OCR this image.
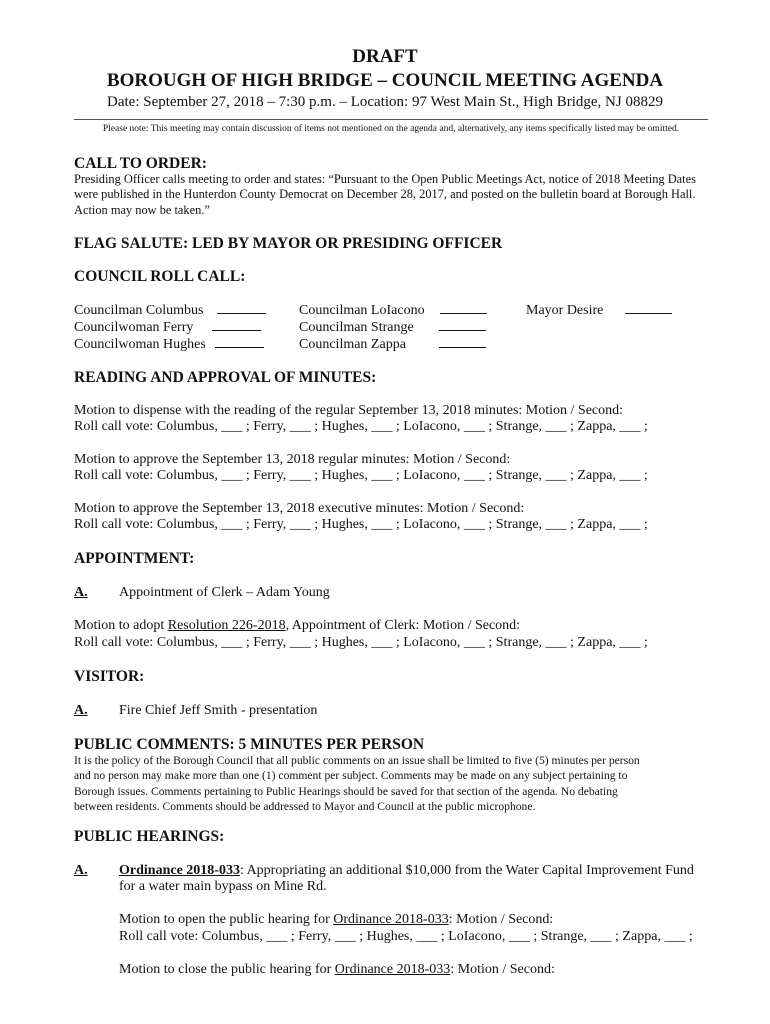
DRAFT
BOROUGH OF HIGH BRIDGE – COUNCIL MEETING AGENDA
Date: September 27, 2018 – 7:30 p.m. – Location: 97 West Main St., High Bridge, NJ 08829
Please note: This meeting may contain discussion of items not mentioned on the agenda and, alternatively, any items specifically listed may be omitted.
CALL TO ORDER:
Presiding Officer calls meeting to order and states: “Pursuant to the Open Public Meetings Act, notice of 2018 Meeting Dates
were published in the Hunterdon County Democrat on December 28, 2017, and posted on the bulletin board at Borough Hall.
Action may now be taken.”
FLAG SALUTE: LED BY MAYOR OR PRESIDING OFFICER
COUNCIL ROLL CALL:
Councilman Columbus
Councilwoman Ferry
Councilwoman Hughes
Councilman LoIacono
Councilman Strange
Councilman Zappa
Mayor Desire
READING AND APPROVAL OF MINUTES:
Motion to dispense with the reading of the regular September 13, 2018 minutes: Motion / Second:
Roll call vote: Columbus, ___ ; Ferry, ___ ; Hughes, ___ ; LoIacono, ___ ; Strange, ___ ; Zappa, ___ ;
Motion to approve the September 13, 2018 regular minutes: Motion / Second:
Roll call vote: Columbus, ___ ; Ferry, ___ ; Hughes, ___ ; LoIacono, ___ ; Strange, ___ ; Zappa, ___ ;
Motion to approve the September 13, 2018 executive minutes: Motion / Second:
Roll call vote: Columbus, ___ ; Ferry, ___ ; Hughes, ___ ; LoIacono, ___ ; Strange, ___ ; Zappa, ___ ;
APPOINTMENT:
A. Appointment of Clerk – Adam Young
Motion to adopt Resolution 226-2018, Appointment of Clerk: Motion / Second:
Roll call vote: Columbus, ___ ; Ferry, ___ ; Hughes, ___ ; LoIacono, ___ ; Strange, ___ ; Zappa, ___ ;
VISITOR:
A. Fire Chief Jeff Smith - presentation
PUBLIC COMMENTS: 5 MINUTES PER PERSON
It is the policy of the Borough Council that all public comments on an issue shall be limited to five (5) minutes per person
and no person may make more than one (1) comment per subject. Comments may be made on any subject pertaining to
Borough issues. Comments pertaining to Public Hearings should be saved for that section of the agenda. No debating
between residents. Comments should be addressed to Mayor and Council at the public microphone.
PUBLIC HEARINGS:
A. Ordinance 2018-033: Appropriating an additional $10,000 from the Water Capital Improvement Fund
for a water main bypass on Mine Rd.
Motion to open the public hearing for Ordinance 2018-033: Motion / Second:
Roll call vote: Columbus, ___ ; Ferry, ___ ; Hughes, ___ ; LoIacono, ___ ; Strange, ___ ; Zappa, ___ ;
Motion to close the public hearing for Ordinance 2018-033: Motion / Second:
